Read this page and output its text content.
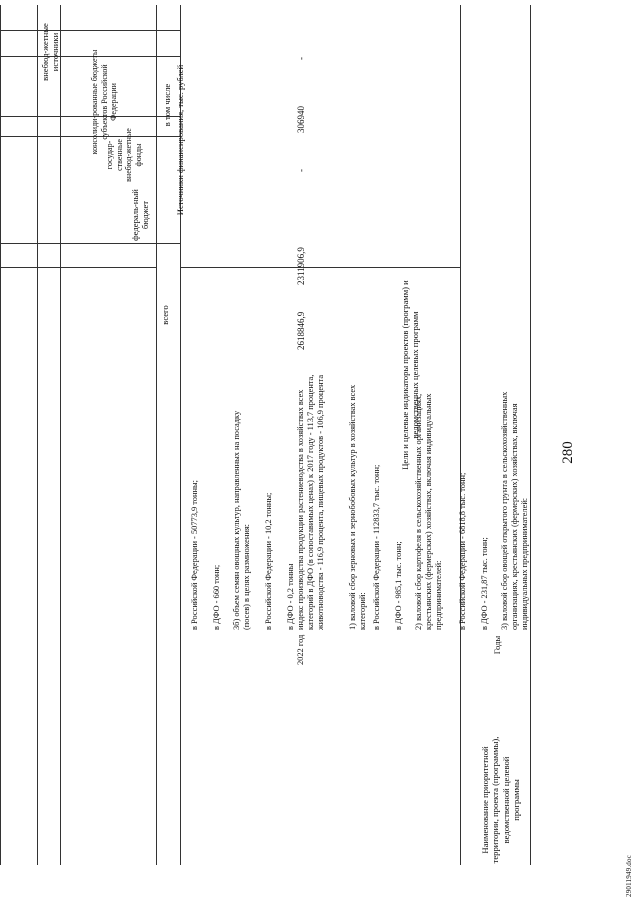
280
Наименование приоритетной территории, проекта (программы), ведомственной целевой программы
Годы
Цели и целевые индикаторы проектов (программ) и ведомственных целевых программ
Источники финансирования, тыс. рублей
всего
в том числе
федераль-ный бюджет
государ-ственные внебюд-жетные фонды
консолиди-рованные бюджеты субъектов Российской Федерации
внебюд-жетные источники
в Российской Федерации - 50773,9 тонны; в ДФО - 660 тонн; 3б) объем семян овощных культур, направленных на посадку (посев) в целях размножения: в Российской Федерации - 10,2 тонны; в ДФО - 0,2 тонны
2022 год
индекс производства продукции растениеводства в хозяйствах всех категорий в ДФО (в сопоставимых ценах) к 2017 году - 113,7 процента, животноводства - 116,9 процента, пищевых продуктов - 106,9 процента	1) валовой сбор зерновых и зернобобовых культур в хозяйствах всех категорий: в Российской Федерации - 112833,7 тыс. тонн; в ДФО - 985,1 тыс. тонн; 2) валовой сбор картофеля в сельскохозяйственных организациях, крестьянских (фермерских) хозяйствах, включая индивидуальных предпринимателей: в Российской Федерации - 6818,8 тыс. тонн; в ДФО - 231,87 тыс. тонн; 3) валовой сбор овощей открытого грунта в сельскохозяйственных организациях, крестьянских (фермерских) хозяйствах, включая индивидуальных предпринимателей:
2618846,9
2311906,9
-
306940
-
29011949.doc
